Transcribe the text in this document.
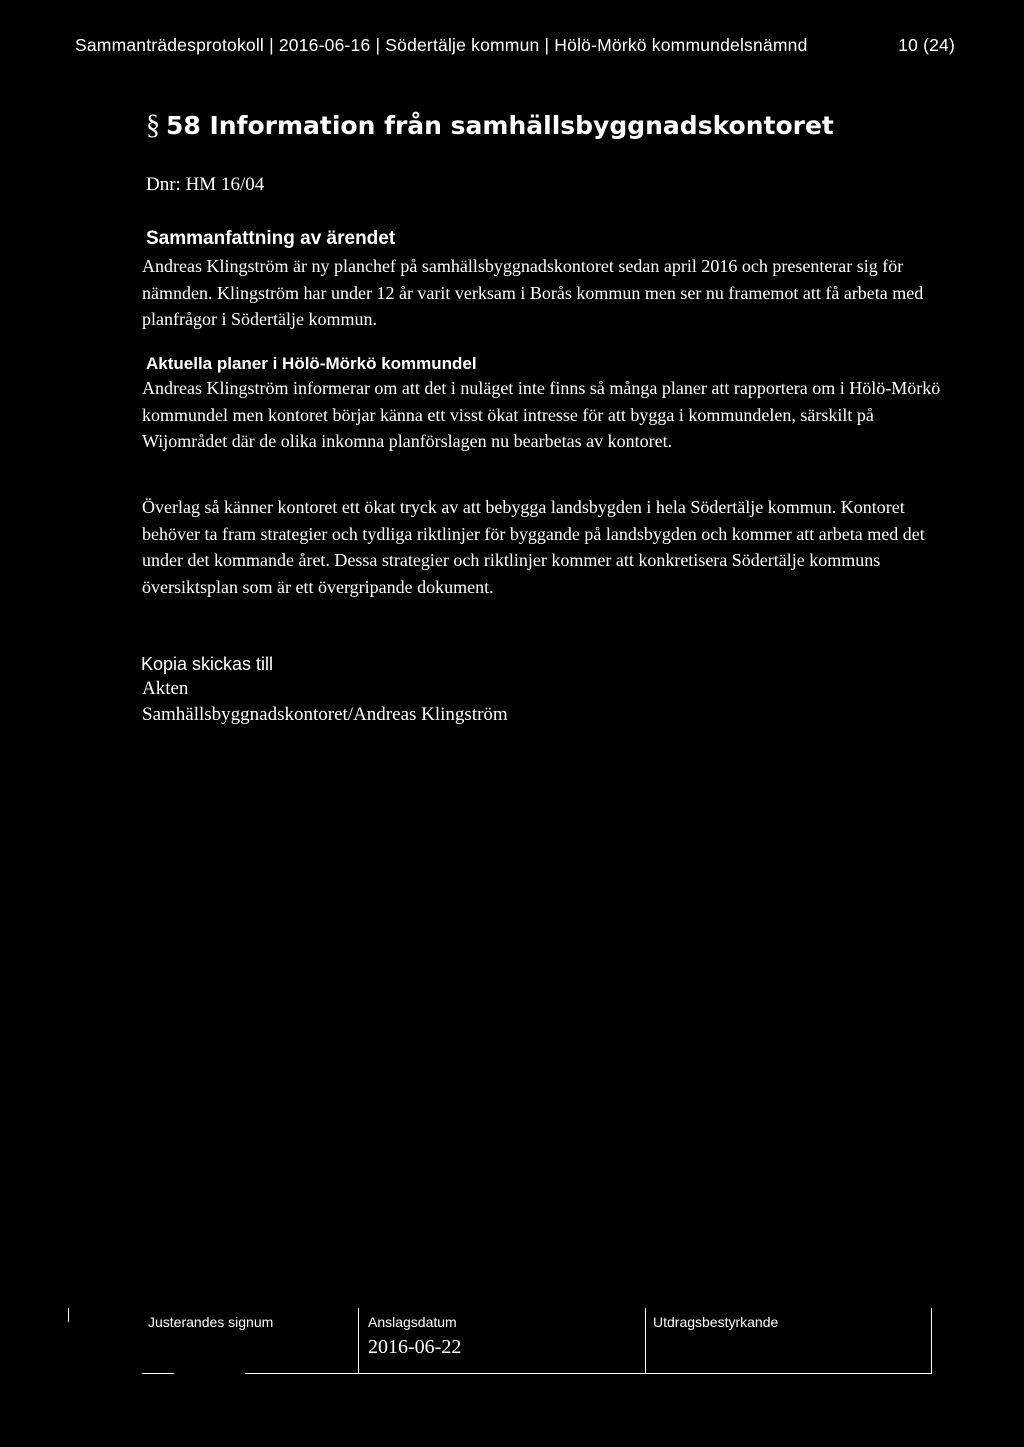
Sammanträdesprotokoll | 2016-06-16 | Södertälje kommun | Hölö-Mörkö kommundelsnämnd	10 (24)
§ 58 Information från samhällsbyggnadskontoret
Dnr: HM 16/04
Sammanfattning av ärendet

Andreas Klingström är ny planchef på samhällsbyggnadskontoret sedan april 2016 och presenterar sig för nämnden. Klingström har under 12 år varit verksam i Borås kommun men ser nu framemot att få arbeta med planfrågor i Södertälje kommun.

Aktuella planer i Hölö-Mörkö kommundel

Andreas Klingström informerar om att det i nuläget inte finns så många planer att rapportera om i Hölö-Mörkö kommundel men kontoret börjar känna ett visst ökat intresse för att bygga i kommundelen, särskilt på Wijområdet där de olika inkomna planförslagen nu bearbetas av kontoret.

Överlag så känner kontoret ett ökat tryck av att bebygga landsbygden i hela Södertälje kommun. Kontoret behöver ta fram strategier och tydliga riktlinjer för byggande på landsbygden och kommer att arbeta med det under det kommande året. Dessa strategier och riktlinjer kommer att konkretisera Södertälje kommuns översiktsplan som är ett övergripande dokument.

Kopia skickas till
Akten
Samhällsbyggnadskontoret/Andreas Klingström
Justerandes signum	Anslagsdatum
2016-06-22
Utdragsbestyrkande
